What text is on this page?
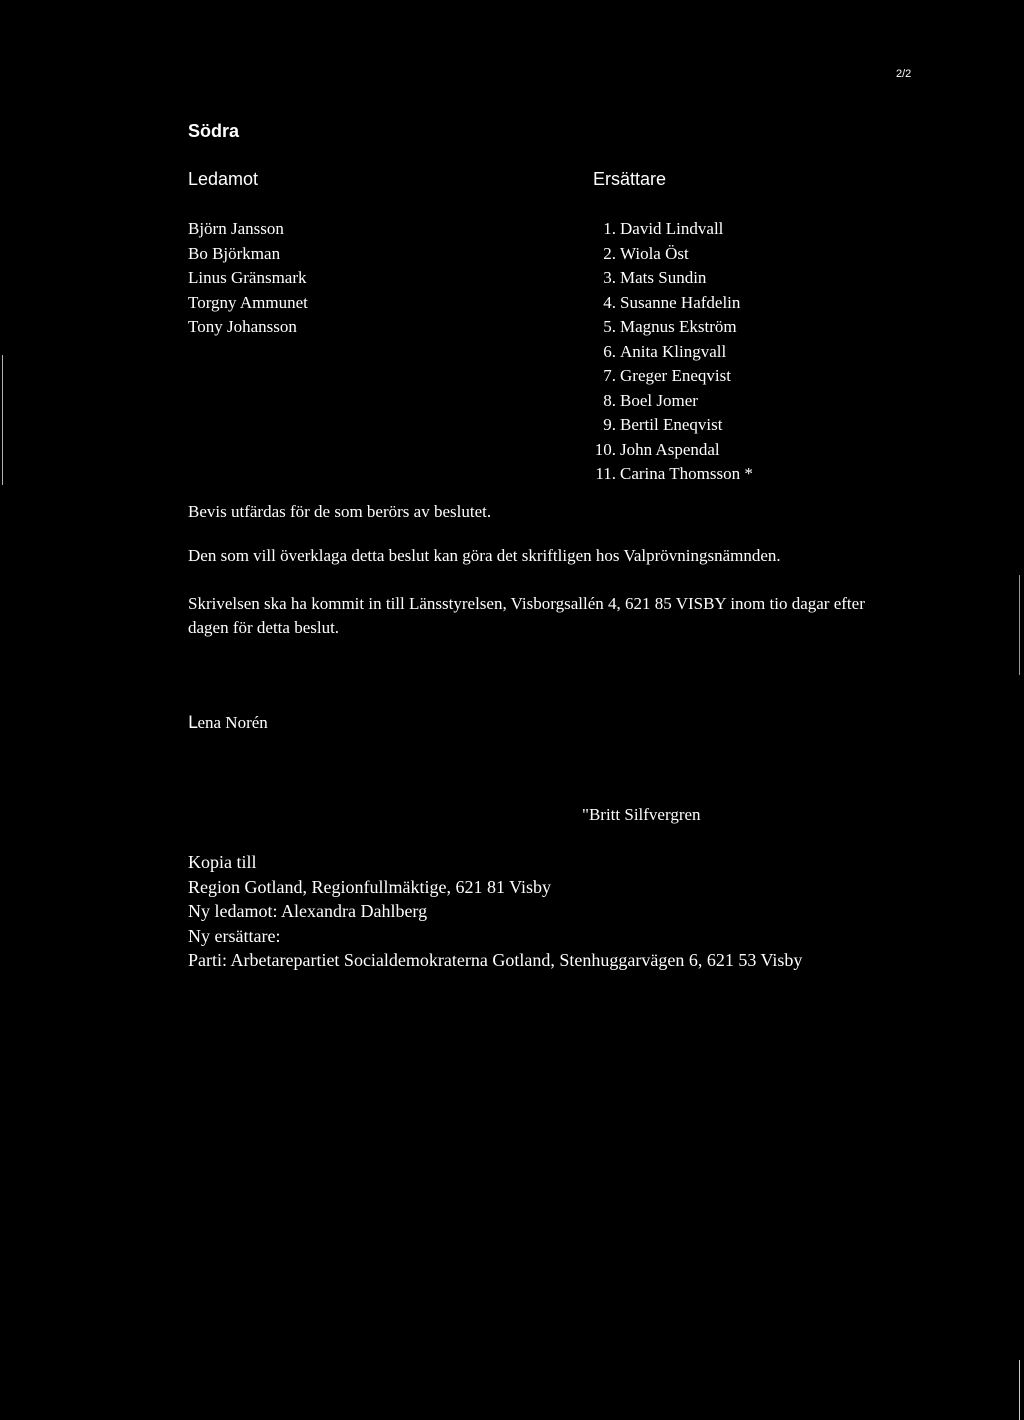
2/2
Södra
Ledamot	Ersättare
Björn Jansson
Bo Björkman
Linus Gränsmark
Torgny Ammunet
Tony Johansson
1. David Lindvall
2. Wiola Öst
3. Mats Sundin
4. Susanne Hafdelin
5. Magnus Ekström
6. Anita Klingvall
7. Greger Eneqvist
8. Boel Jomer
9. Bertil Eneqvist
10. John Aspendal
11. Carina Thomsson *

Bevis utfärdas för de som berörs av beslutet.

Den som vill överklaga detta beslut kan göra det skriftligen hos Valprövningsnämnden.

Skrivelsen ska ha kommit in till Länsstyrelsen, Visborgsallén 4, 621 85 VISBY inom tio dagar efter dagen för detta beslut.

ꓡena Norén
"Britt Silfvergren
Kopia till
Region Gotland, Regionfullmäktige, 621 81 Visby
Ny ledamot: Alexandra Dahlberg
Ny ersättare:
Parti: Arbetarepartiet Socialdemokraterna Gotland, Stenhuggarvägen 6, 621 53 Visby
